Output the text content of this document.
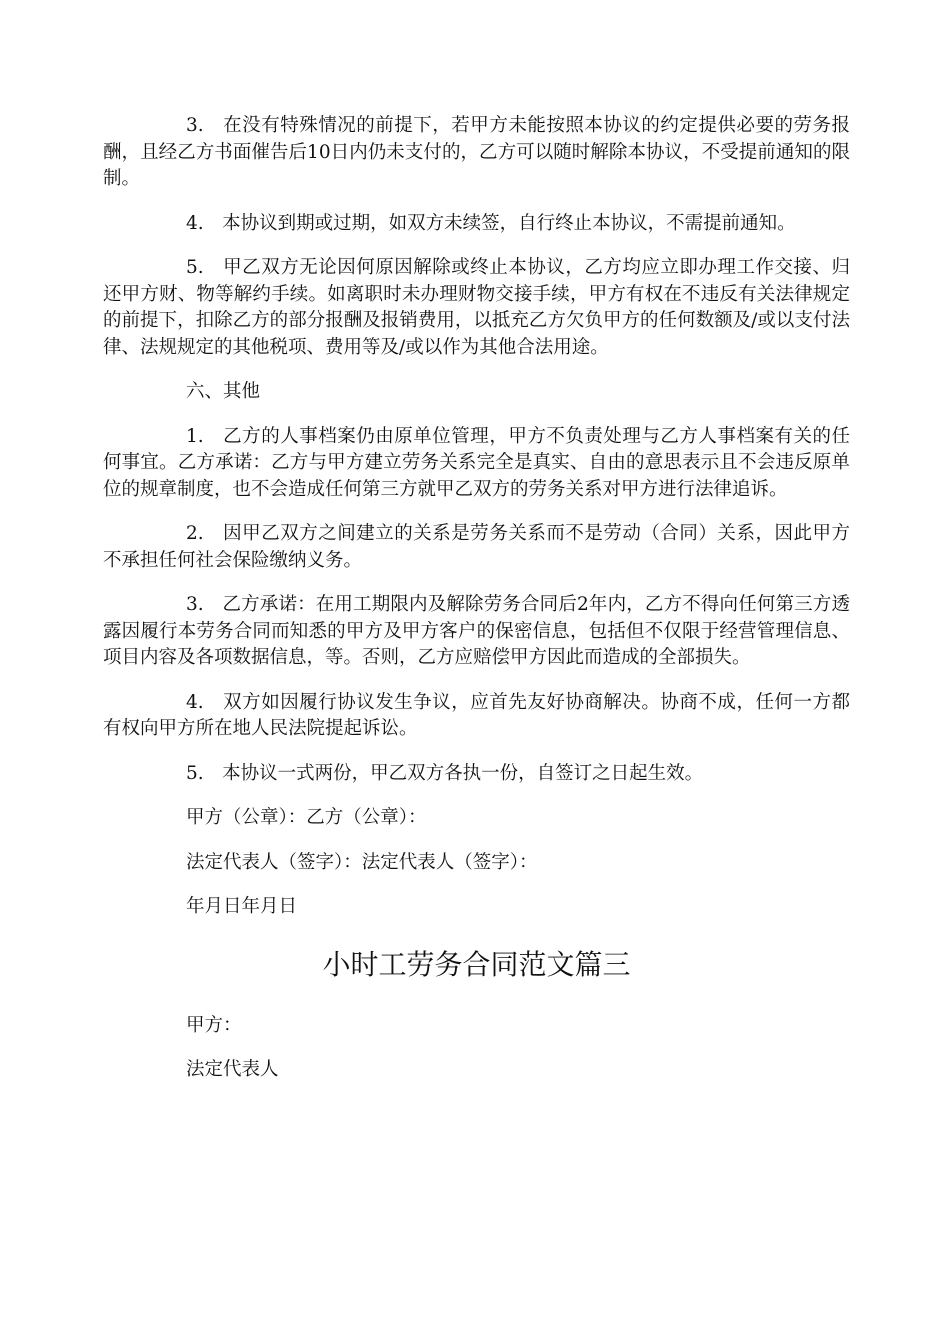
3.　在没有特殊情况的前提下，若甲方未能按照本协议的约定提供必要的劳务报酬，且经乙方书面催告后10日内仍未支付的，乙方可以随时解除本协议，不受提前通知的限制。

4.　本协议到期或过期，如双方未续签，自行终止本协议，不需提前通知。

5.　甲乙双方无论因何原因解除或终止本协议，乙方均应立即办理工作交接、归还甲方财、物等解约手续。如离职时未办理财物交接手续，甲方有权在不违反有关法律规定的前提下，扣除乙方的部分报酬及报销费用，以抵充乙方欠负甲方的任何数额及/或以支付法律、法规规定的其他税项、费用等及/或以作为其他合法用途。

六、其他

1.　乙方的人事档案仍由原单位管理，甲方不负责处理与乙方人事档案有关的任何事宜。乙方承诺：乙方与甲方建立劳务关系完全是真实、自由的意思表示且不会违反原单位的规章制度，也不会造成任何第三方就甲乙双方的劳务关系对甲方进行法律追诉。

2.　因甲乙双方之间建立的关系是劳务关系而不是劳动（合同）关系，因此甲方不承担任何社会保险缴纳义务。

3.　乙方承诺：在用工期限内及解除劳务合同后2年内，乙方不得向任何第三方透露因履行本劳务合同而知悉的甲方及甲方客户的保密信息，包括但不仅限于经营管理信息、项目内容及各项数据信息，等。否则，乙方应赔偿甲方因此而造成的全部损失。

4.　双方如因履行协议发生争议，应首先友好协商解决。协商不成，任何一方都有权向甲方所在地人民法院提起诉讼。

5.　本协议一式两份，甲乙双方各执一份，自签订之日起生效。

甲方（公章）：乙方（公章）：

法定代表人（签字）：法定代表人（签字）：

年月日年月日

小时工劳务合同范文篇三

甲方：

法定代表人
